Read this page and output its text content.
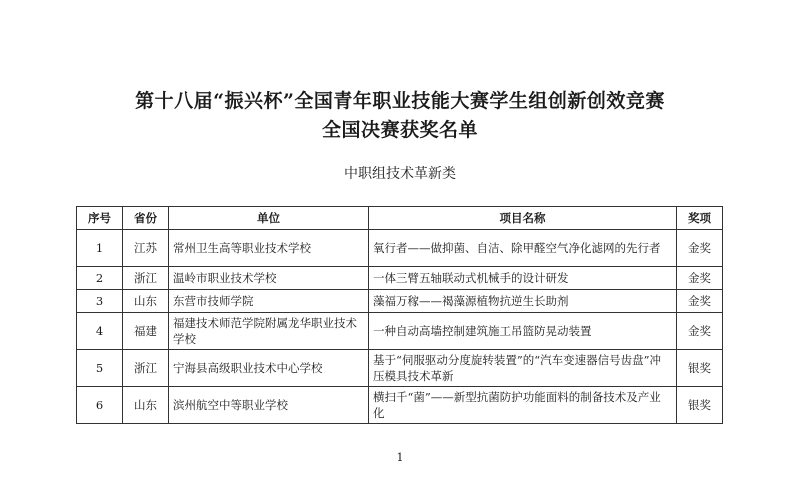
第十八届“振兴杯”全国青年职业技能大赛学生组创新创效竞赛
全国决赛获奖名单
中职组技术革新类
序号	省份	单位	项目名称	奖项
1	江苏	常州卫生高等职业技术学校	氧行者——做抑菌、自洁、除甲醛空气净化滤网的先行者	金奖
2	浙江	温岭市职业技术学校	一体三臂五轴联动式机械手的设计研发	金奖
3	山东	东营市技师学院	藻福万稼——褐藻源植物抗逆生长助剂	金奖
4	福建	福建技术师范学院附属龙华职业技术学校	一种自动高墙控制建筑施工吊篮防晃动装置	金奖
5	浙江	宁海县高级职业技术中心学校	基于“伺服驱动分度旋转装置”的“汽车变速器信号齿盘”冲压模具技术革新	银奖
6	山东	滨州航空中等职业学校	横扫千“菌”——新型抗菌防护功能面料的制备技术及产业化	银奖
1
